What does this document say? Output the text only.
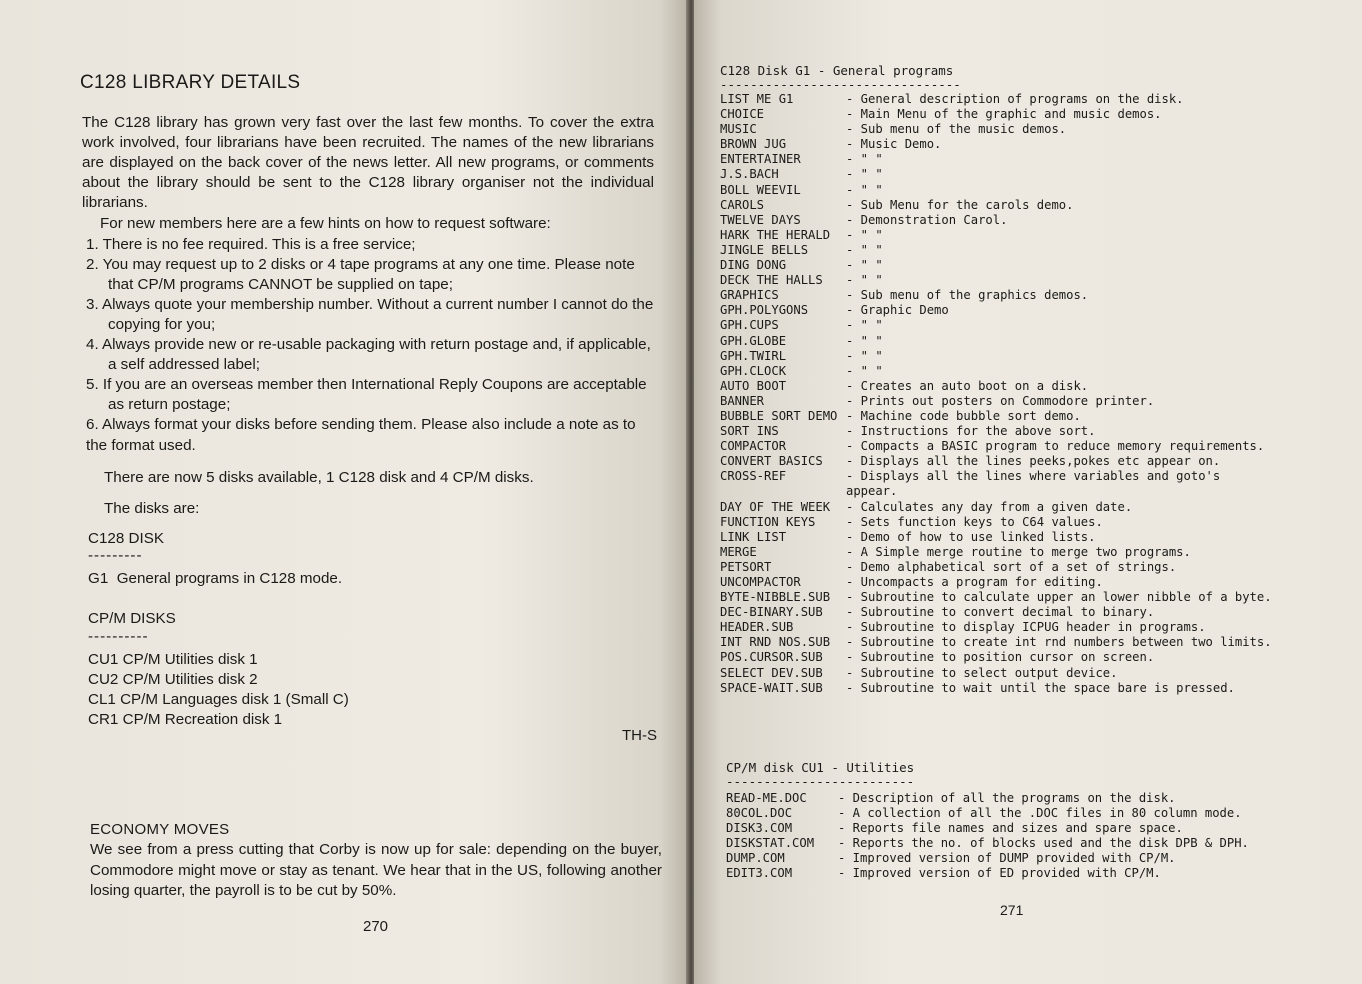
C128 LIBRARY DETAILS

The C128 library has grown very fast over the last few months. To cover the extra work involved, four librarians have been recruited. The names of the new librarians are displayed on the back cover of the news letter. All new programs, or comments about the library should be sent to the C128 library organiser not the individual librarians.

For new members here are a few hints on how to request software:

1. There is no fee required. This is a free service;

2. You may request up to 2 disks or 4 tape programs at any one time. Please note that CP/M programs CANNOT be supplied on tape;

3. Always quote your membership number. Without a current number I cannot do the copying for you;

4. Always provide new or re-usable packaging with return postage and, if applicable, a self addressed label;

5. If you are an overseas member then International Reply Coupons are acceptable as return postage;

6. Always format your disks before sending them. Please also include a note as to the format used.

There are now 5 disks available, 1 C128 disk and 4 CP/M disks.
The disks are:
C128 DISK
---------
G1  General programs in C128 mode.
CP/M DISKS
----------
CU1 CP/M Utilities disk 1
CU2 CP/M Utilities disk 2
CL1 CP/M Languages disk 1 (Small C)
CR1 CP/M Recreation disk 1
TH-S
ECONOMY MOVES
We see from a press cutting that Corby is now up for sale: depending on the buyer, Commodore might move or stay as tenant. We hear that in the US, following another losing quarter, the payroll is to be cut by 50%.
270
C128 Disk G1 - General programs
--------------------------------
LIST ME G1	- General description of programs on the disk.
CHOICE	- Main Menu of the graphic and music demos.
MUSIC	- Sub menu of the music demos.
BROWN JUG	- Music Demo.
ENTERTAINER	- " "
J.S.BACH	- " "
BOLL WEEVIL	- " "
CAROLS	- Sub Menu for the carols demo.
TWELVE DAYS	- Demonstration Carol.
HARK THE HERALD	- " "
JINGLE BELLS	- " "
DING DONG	- " "
DECK THE HALLS	- " "
GRAPHICS	- Sub menu of the graphics demos.
GPH.POLYGONS	- Graphic Demo
GPH.CUPS	- " "
GPH.GLOBE	- " "
GPH.TWIRL	- " "
GPH.CLOCK	- " "
AUTO BOOT	- Creates an auto boot on a disk.
BANNER	- Prints out posters on Commodore printer.
BUBBLE SORT DEMO - Machine code bubble sort demo.
SORT INS	- Instructions for the above sort.
COMPACTOR	- Compacts a BASIC program to reduce memory requirements.
CONVERT BASICS	- Displays all the lines peeks,pokes etc appear on.
CROSS-REF	- Displays all the lines where variables and goto's appear.
DAY OF THE WEEK	- Calculates any day from a given date.
FUNCTION KEYS	- Sets function keys to C64 values.
LINK LIST	- Demo of how to use linked lists.
MERGE	- A Simple merge routine to merge two programs.
PETSORT	- Demo alphabetical sort of a set of strings.
UNCOMPACTOR	- Uncompacts a program for editing.
BYTE-NIBBLE.SUB	- Subroutine to calculate upper an lower nibble of a byte.
DEC-BINARY.SUB	- Subroutine to convert decimal to binary.
HEADER.SUB	- Subroutine to display ICPUG header in programs.
INT RND NOS.SUB	- Subroutine to create int rnd numbers between two limits.
POS.CURSOR.SUB	- Subroutine to position cursor on screen.
SELECT DEV.SUB	- Subroutine to select output device.
SPACE-WAIT.SUB	- Subroutine to wait until the space bare is pressed.
CP/M disk CU1 - Utilities
-------------------------
READ-ME.DOC	- Description of all the programs on the disk.
80COL.DOC	- A collection of all the .DOC files in 80 column mode.
DISK3.COM	- Reports file names and sizes and spare space.
DISKSTAT.COM	- Reports the no. of blocks used and the disk DPB & DPH.
DUMP.COM	- Improved version of DUMP provided with CP/M.
EDIT3.COM	- Improved version of ED provided with CP/M.
271
